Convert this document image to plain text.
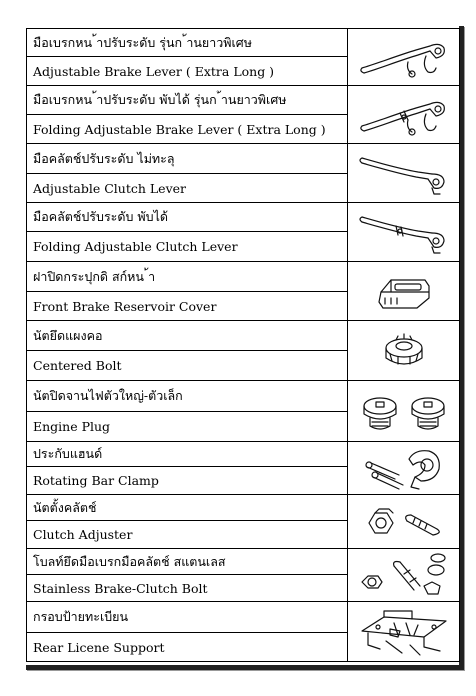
มือเบรกหน ้าปรับระดับ รุ่นก ้านยาวพิเศษ	

Adjustable Brake Lever ( Extra Long )	
มือเบรกหน ้าปรับระดับ พับได้ รุ่นก ้านยาวพิเศษ	

Folding Adjustable Brake Lever ( Extra Long )	
มือคลัตช์ปรับระดับ ไม่ทะลุ	

Adjustable Clutch Lever	
มือคลัตช์ปรับระดับ พับได้	

Folding Adjustable Clutch Lever	
ฝาปิดกระปุกดิ สก์หน ้า	

Front Brake Reservoir Cover	
นัตยึดแผงคอ	

Centered Bolt	
นัตปิดจานไฟตัวใหญ่-ตัวเล็ก	

Engine Plug	
ประกับแฮนด์	

Rotating Bar Clamp	
นัตตั้งคลัตช์	

Clutch Adjuster	
โบลท์ยึดมือเบรกมือคลัตช์ สแตนเลส	

Stainless Brake-Clutch Bolt	
กรอบป้ายทะเบียน	

Rear Licene Support	
